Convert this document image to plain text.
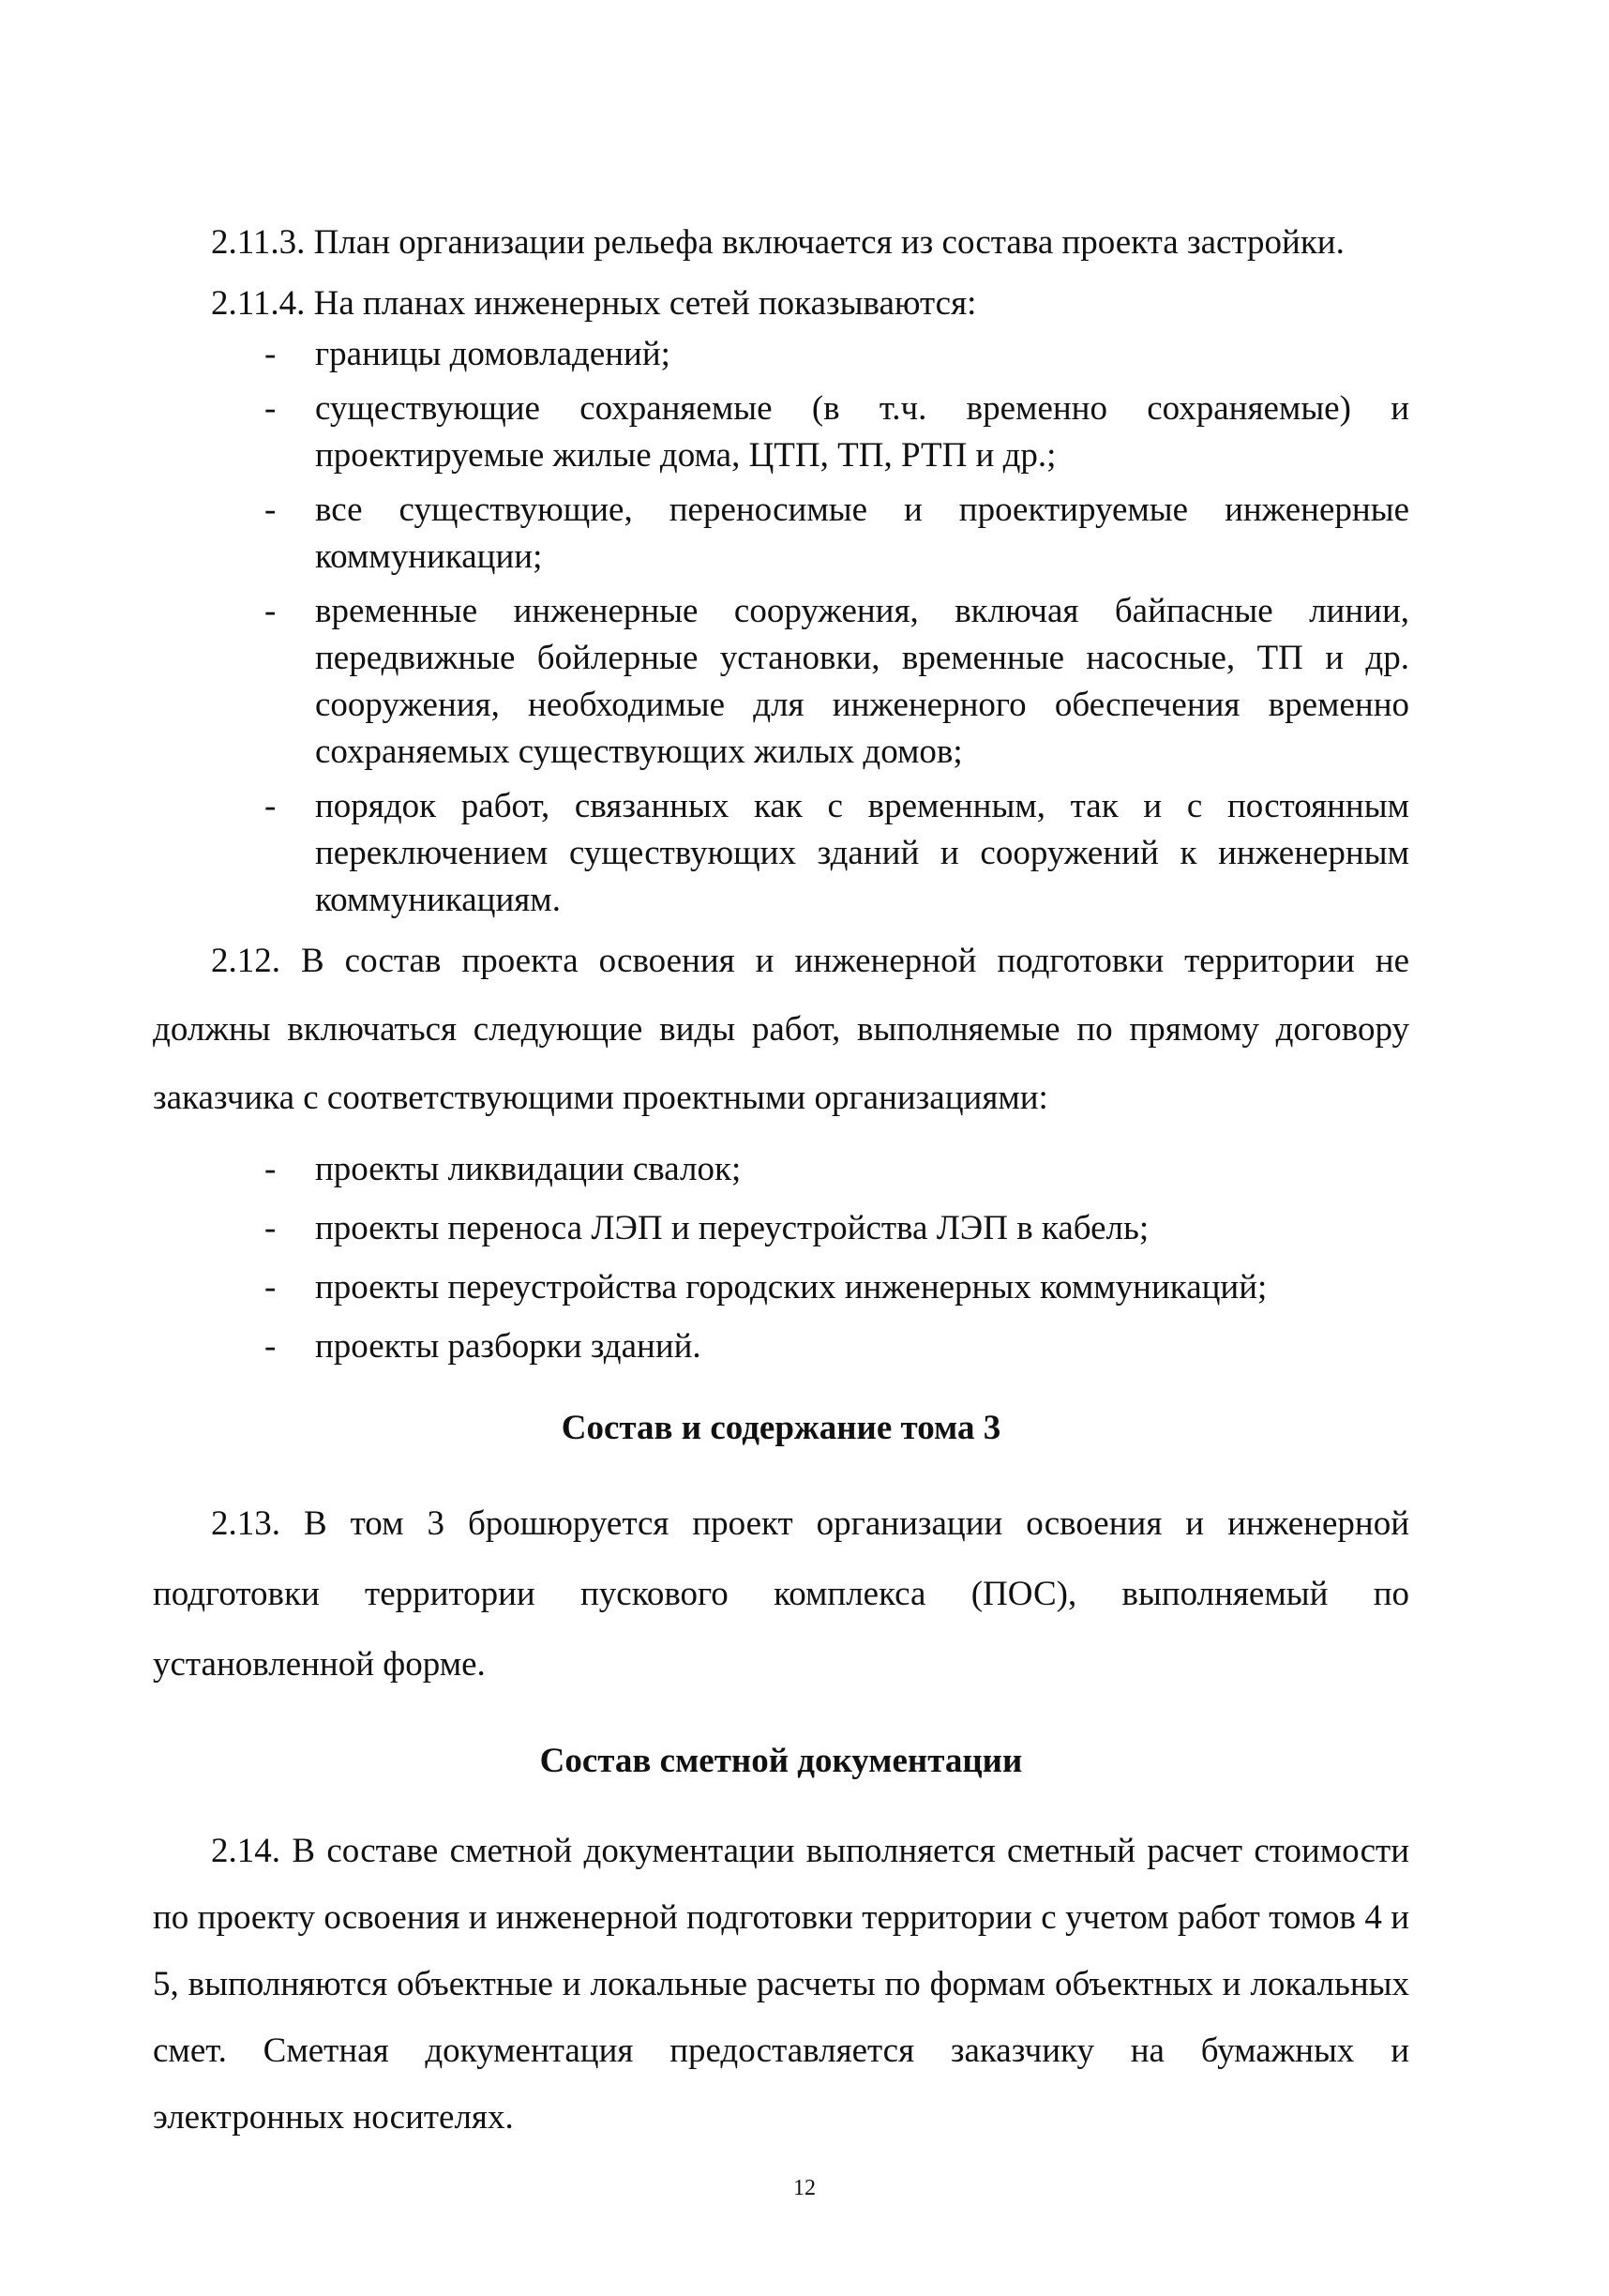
2.11.3. План организации рельефа включается из состава проекта застройки.

2.11.4. На планах инженерных сетей показываются:

- границы домовладений;
- существующие сохраняемые (в т.ч. временно сохраняемые) и проектируемые жилые дома, ЦТП, ТП, РТП и др.;
- все существующие, переносимые и проектируемые инженерные коммуникации;
- временные инженерные сооружения, включая байпасные линии, передвижные бойлерные установки, временные насосные, ТП и др. сооружения, необходимые для инженерного обеспечения временно сохраняемых существующих жилых домов;
- порядок работ, связанных как с временным, так и с постоянным переключением существующих зданий и сооружений к инженерным коммуникациям.

2.12. В состав проекта освоения и инженерной подготовки территории не должны включаться следующие виды работ, выполняемые по прямому договору заказчика с соответствующими проектными организациями:

- проекты ликвидации свалок;
- проекты переноса ЛЭП и переустройства ЛЭП в кабель;
- проекты переустройства городских инженерных коммуникаций;
- проекты разборки зданий.

Состав и содержание тома 3

2.13. В том 3 брошюруется проект организации освоения и инженерной подготовки территории пускового комплекса (ПОС), выполняемый по установленной форме.

Состав сметной документации

2.14. В составе сметной документации выполняется сметный расчет стоимости по проекту освоения и инженерной подготовки территории с учетом работ томов 4 и 5, выполняются объектные и локальные расчеты по формам объектных и локальных смет. Сметная документация предоставляется заказчику на бумажных и электронных носителях.

12
